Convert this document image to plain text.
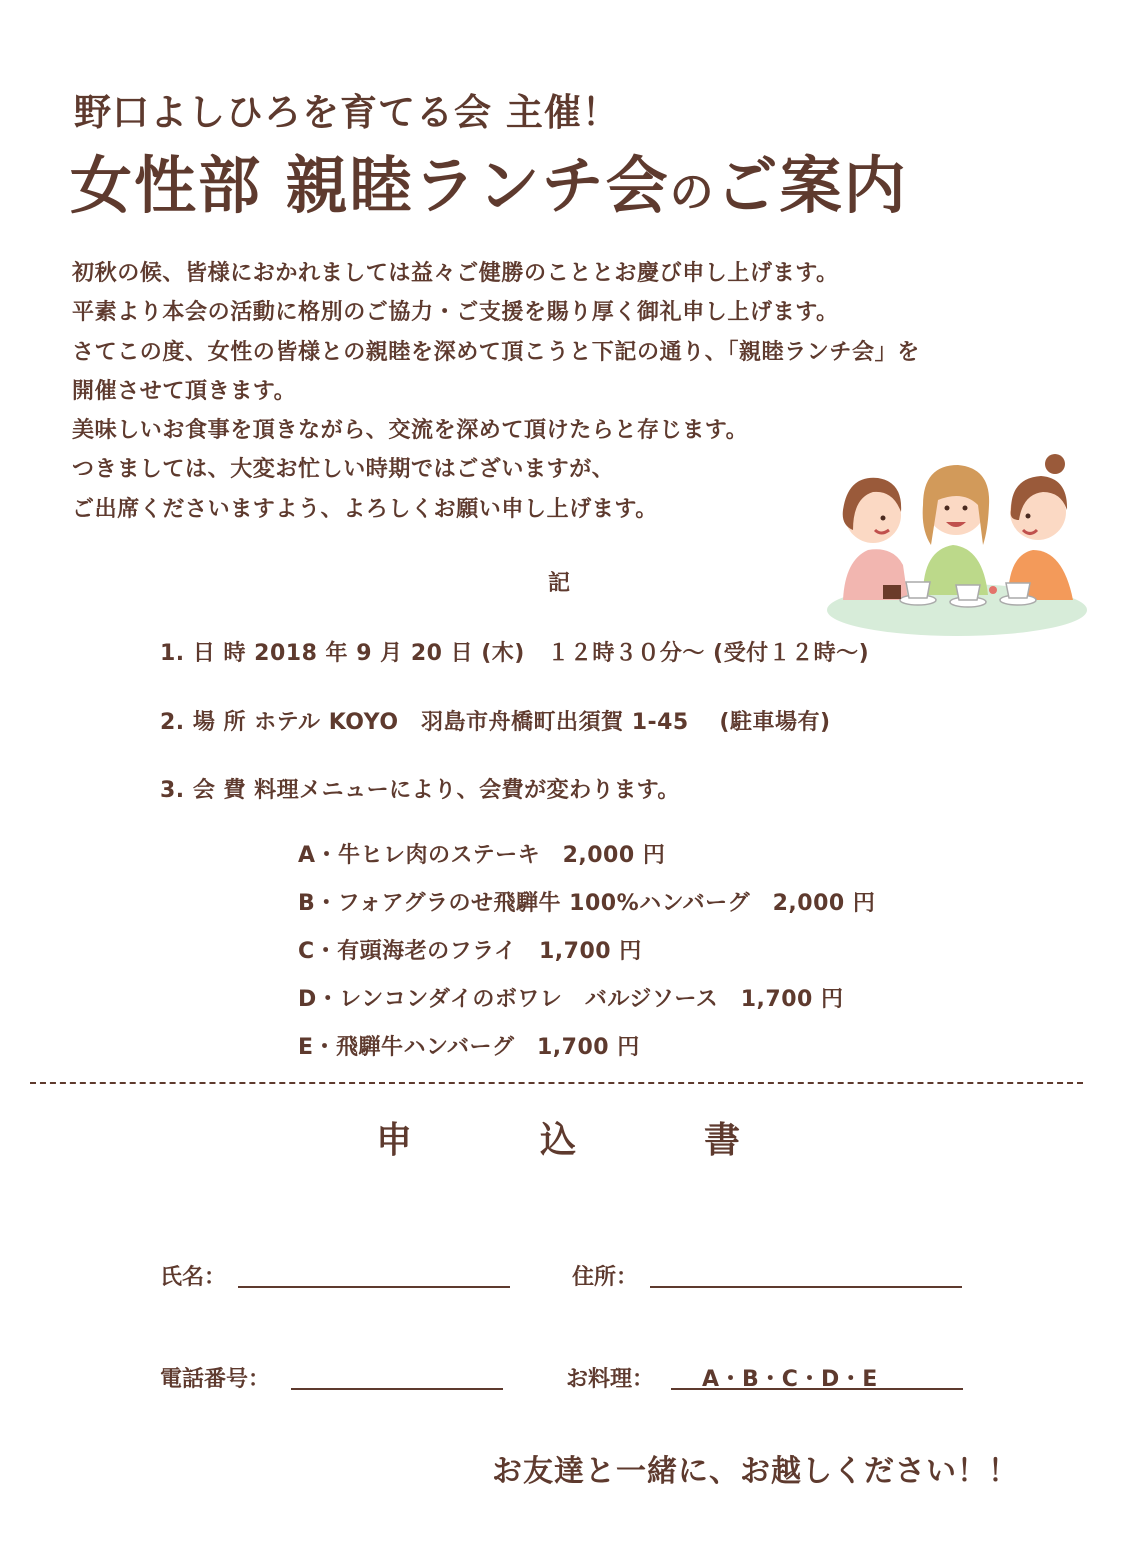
野口よしひろを育てる会 主催！
女性部 親睦ランチ会のご案内
初秋の候、皆様におかれましては益々ご健勝のこととお慶び申し上げます。
平素より本会の活動に格別のご協力・ご支援を賜り厚く御礼申し上げます。
さてこの度、女性の皆様との親睦を深めて頂こうと下記の通り、「親睦ランチ会」を
開催させて頂きます。
美味しいお食事を頂きながら、交流を深めて頂けたらと存じます。
つきましては、大変お忙しい時期ではございますが、
ご出席くださいますよう、よろしくお願い申し上げます。
記
1. 日 時 2018 年 9 月 20 日 (木)　１２時３０分～ (受付１２時～)
2. 場 所 ホテル KOYO　羽島市舟橋町出須賀 1-45　 (駐車場有)
3. 会 費 料理メニューにより、会費が変わります。
A・牛ヒレ肉のステーキ　2,000 円
B・フォアグラのせ飛騨牛 100%ハンバーグ　2,000 円
C・有頭海老のフライ　1,700 円
D・レンコンダイのボワレ　バルジソース　1,700 円
E・飛騨牛ハンバーグ　1,700 円
申込書
氏名：	住所：
電話番号：	お料理： A・B・C・D・E
お友達と一緒に、お越しください！！
